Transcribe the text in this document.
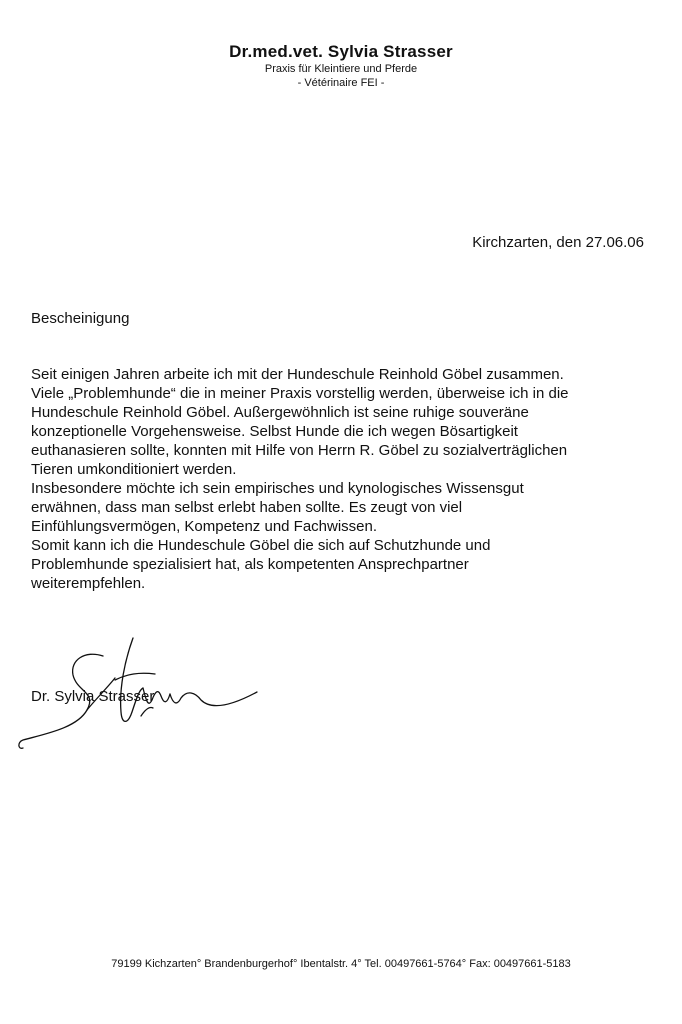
Dr.med.vet. Sylvia Strasser
Praxis für Kleintiere und Pferde
- Vétérinaire FEI -
Kirchzarten, den 27.06.06
Bescheinigung
Seit einigen Jahren arbeite ich mit der Hundeschule Reinhold Göbel zusammen.
Viele „Problemhunde“ die in meiner Praxis vorstellig werden, überweise ich in die
Hundeschule Reinhold Göbel. Außergewöhnlich ist seine ruhige souveräne
konzeptionelle Vorgehensweise. Selbst Hunde die ich wegen Bösartigkeit
euthanasieren sollte, konnten mit Hilfe von Herrn R. Göbel zu sozialverträglichen
Tieren umkonditioniert werden.
Insbesondere möchte ich sein empirisches und kynologisches Wissensgut
erwähnen, dass man selbst erlebt haben sollte. Es zeugt von viel
Einfühlungsvermögen, Kompetenz und Fachwissen.
Somit kann ich die Hundeschule Göbel die sich auf Schutzhunde und
Problemhunde spezialisiert hat, als kompetenten Ansprechpartner
weiterempfehlen.
Dr. Sylvia Strasser
79199 Kichzarten° Brandenburgerhof° Ibentalstr. 4° Tel. 00497661-5764° Fax: 00497661-5183
